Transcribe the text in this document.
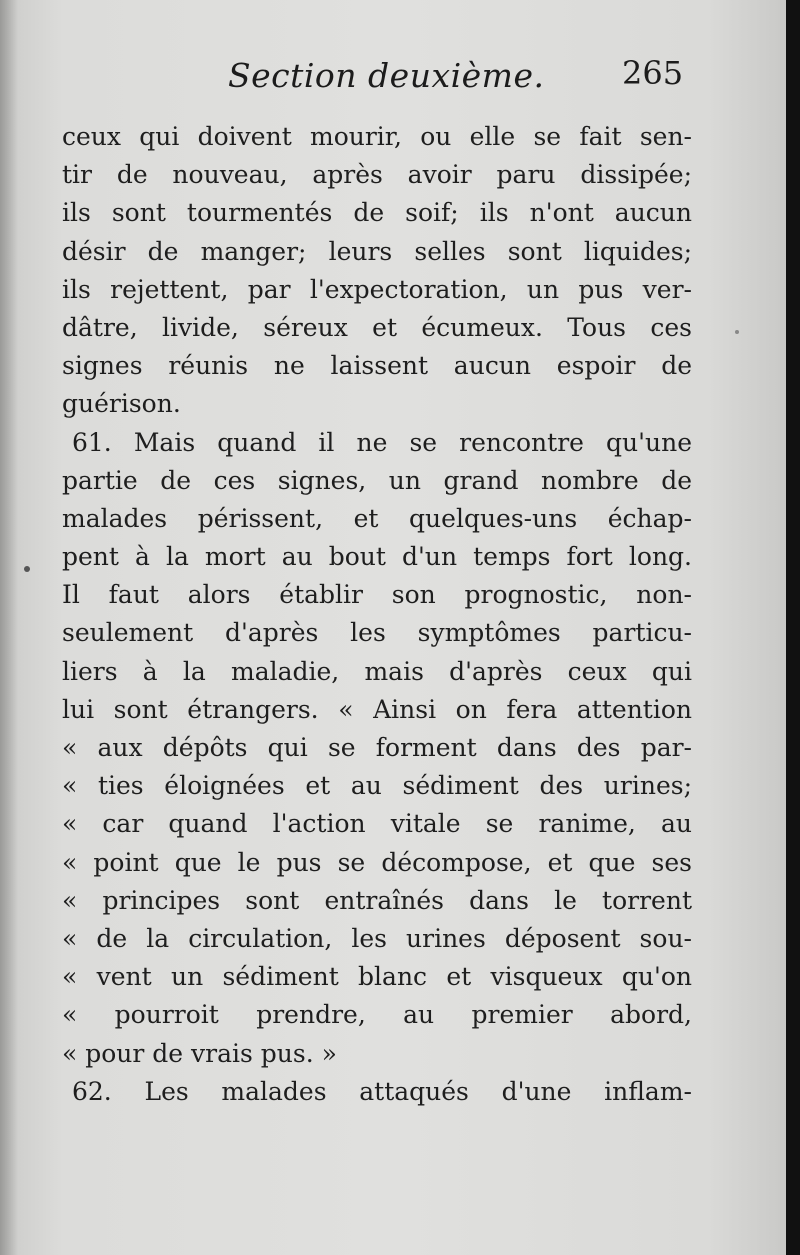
Section deuxième. 265
ceux qui doivent mourir, ou elle se fait sen-
tir de nouveau, après avoir paru dissipée;
ils sont tourmentés de soif; ils n'ont aucun
désir de manger; leurs selles sont liquides;
ils rejettent, par l'expectoration, un pus ver-
dâtre, livide, séreux et écumeux. Tous ces
signes réunis ne laissent aucun espoir de
guérison.
61. Mais quand il ne se rencontre qu'une
partie de ces signes, un grand nombre de
malades périssent, et quelques-uns échap-
pent à la mort au bout d'un temps fort long.
Il faut alors établir son prognostic, non-
seulement d'après les symptômes particu-
liers à la maladie, mais d'après ceux qui
lui sont étrangers. « Ainsi on fera attention
« aux dépôts qui se forment dans des par-
« ties éloignées et au sédiment des urines;
« car quand l'action vitale se ranime, au
« point que le pus se décompose, et que ses
« principes sont entraînés dans le torrent
« de la circulation, les urines déposent sou-
« vent un sédiment blanc et visqueux qu'on
« pourroit prendre, au premier abord,
« pour de vrais pus. »
62. Les malades attaqués d'une inflam-
